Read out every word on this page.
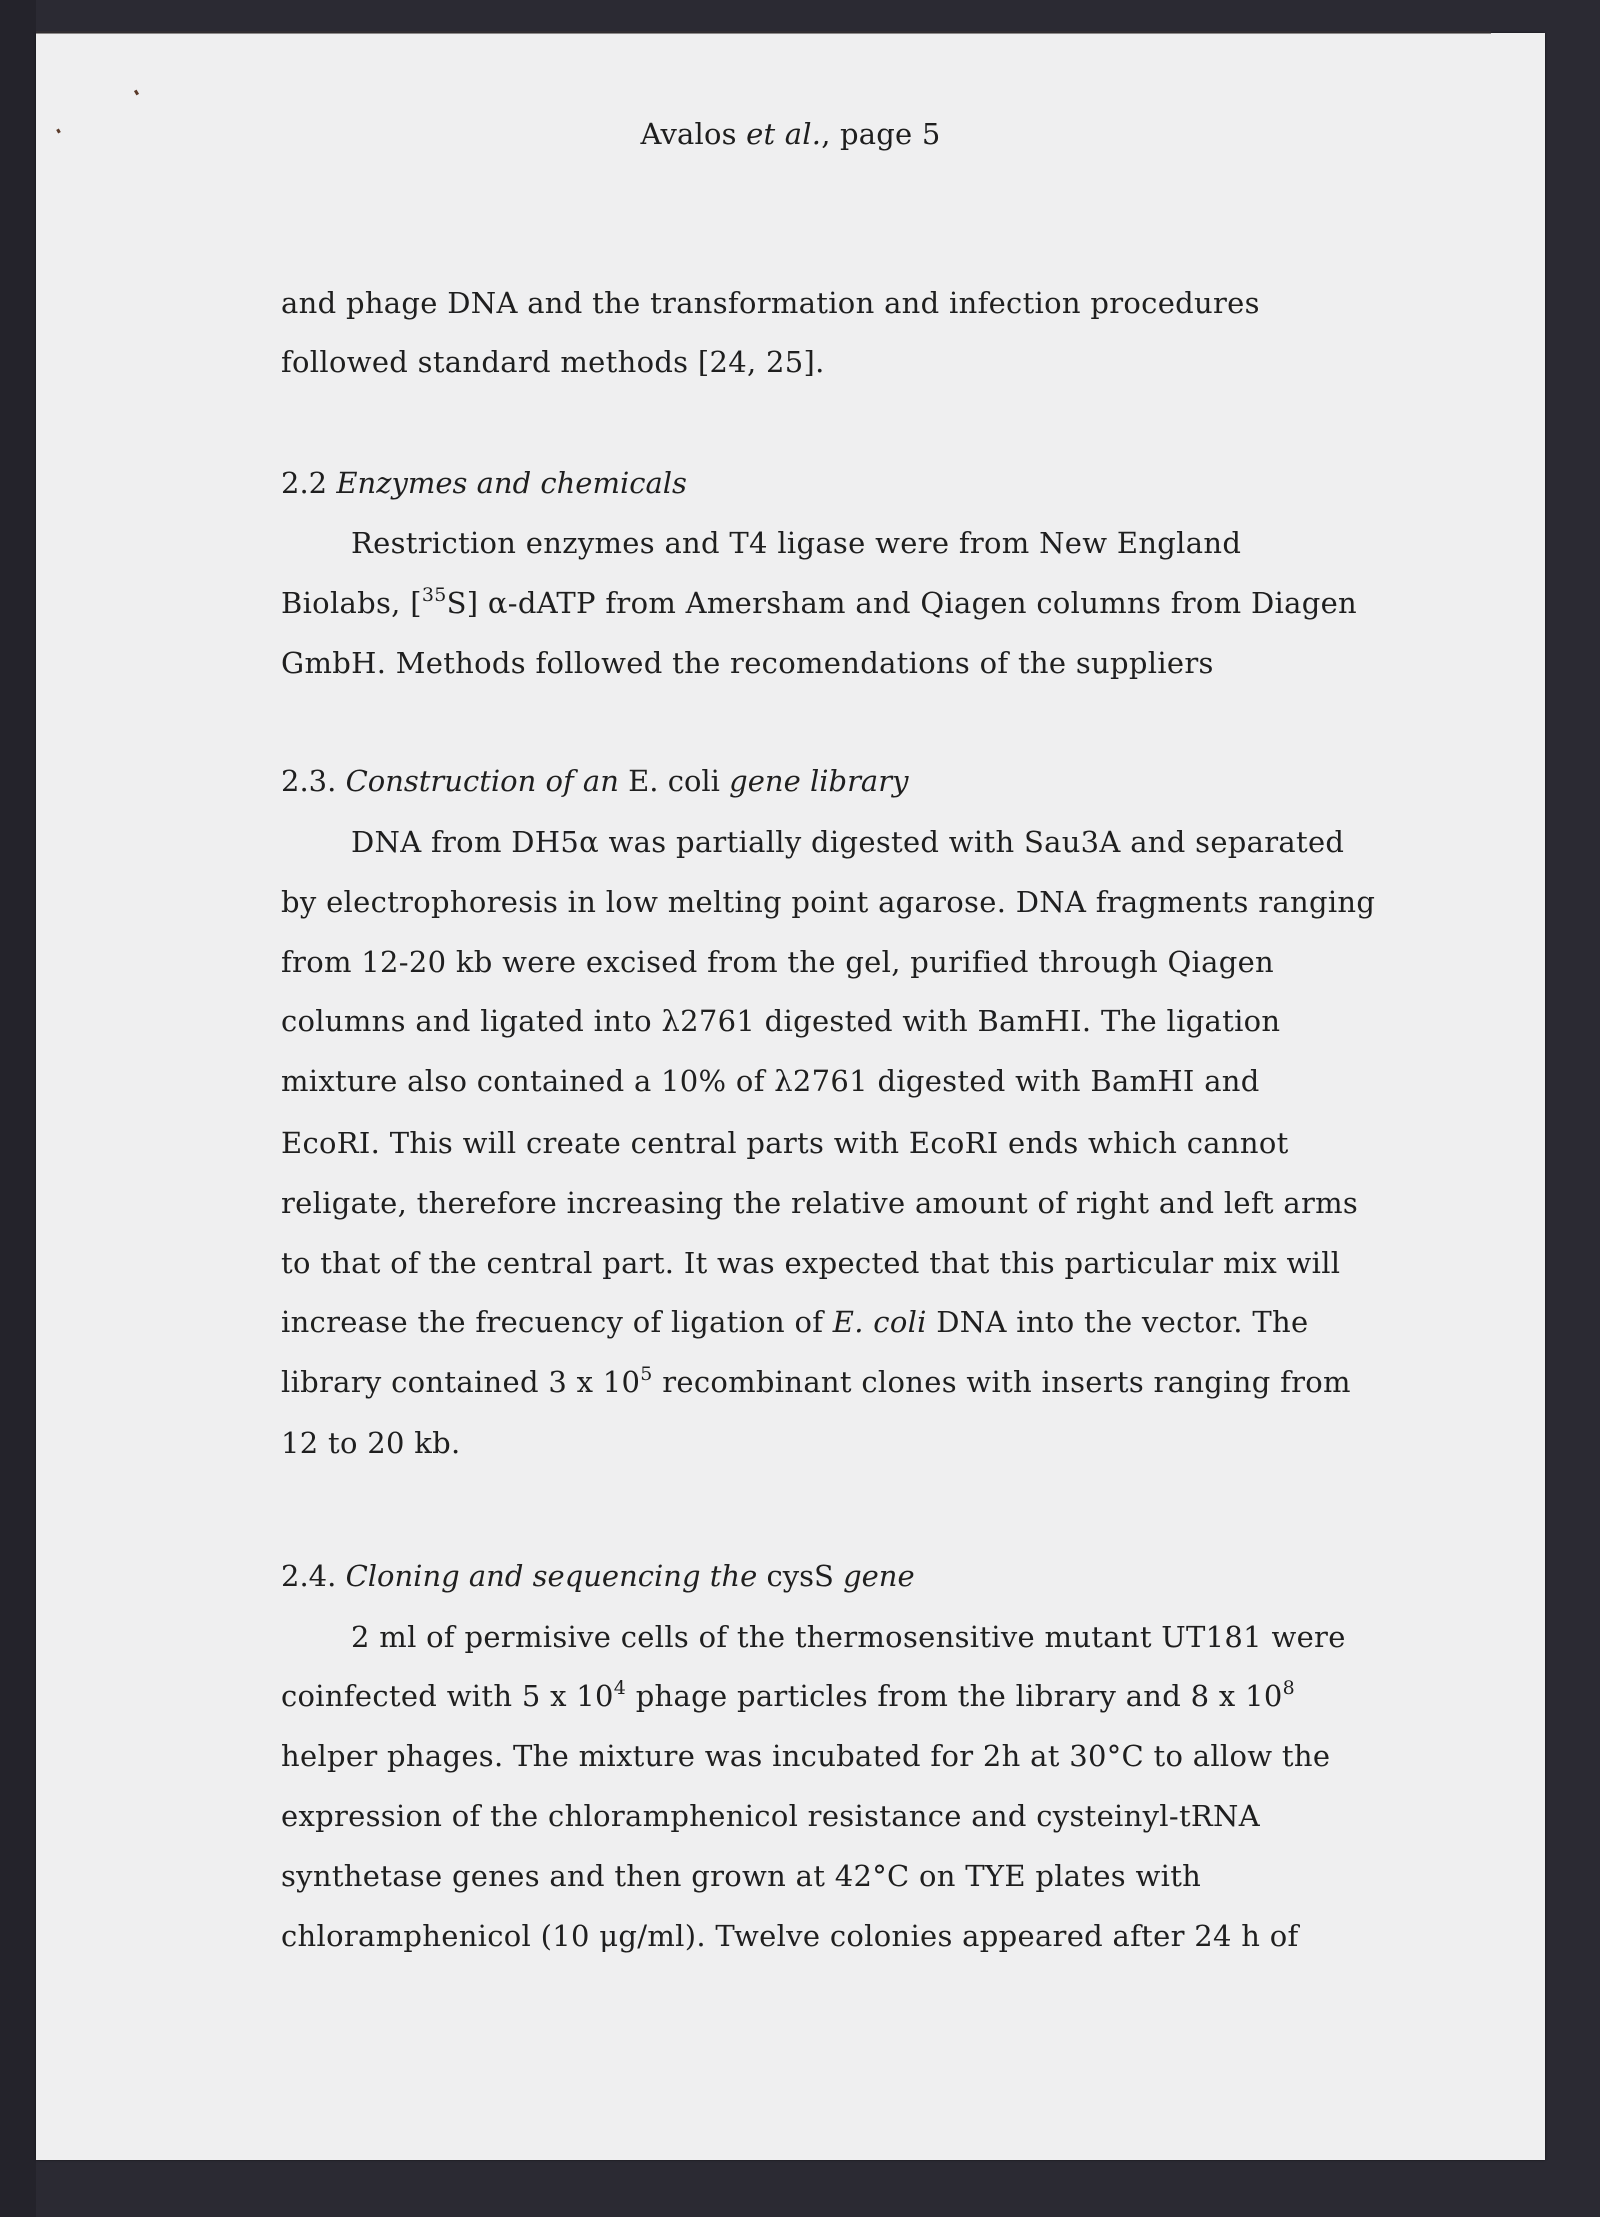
Avalos et al., page 5
and phage DNA and the transformation and infection procedures
followed standard methods [24, 25].
2.2 Enzymes and chemicals
Restriction enzymes and T4 ligase were from New England
Biolabs, [$^{35}$S] α-dATP from Amersham and Qiagen columns from Diagen
GmbH. Methods followed the recomendations of the suppliers
2.3. Construction of an E. coli gene library
DNA from DH5α was partially digested with Sau3A and separated
by electrophoresis in low melting point agarose. DNA fragments ranging
from 12-20 kb were excised from the gel, purified through Qiagen
columns and ligated into λ2761 digested with BamHI. The ligation
mixture also contained a 10% of λ2761 digested with BamHI and
EcoRI. This will create central parts with EcoRI ends which cannot
religate, therefore increasing the relative amount of right and left arms
to that of the central part. It was expected that this particular mix will
increase the frecuency of ligation of E. coli DNA into the vector. The
library contained 3 x $10^5$ recombinant clones with inserts ranging from
12 to 20 kb.
2.4. Cloning and sequencing the cysS gene
2 ml of permisive cells of the thermosensitive mutant UT181 were
coinfected with 5 x $10^4$ phage particles from the library and 8 x $10^8$
helper phages. The mixture was incubated for 2h at 30°C to allow the
expression of the chloramphenicol resistance and cysteinyl-tRNA
synthetase genes and then grown at 42°C on TYE plates with
chloramphenicol (10 μg/ml). Twelve colonies appeared after 24 h of
